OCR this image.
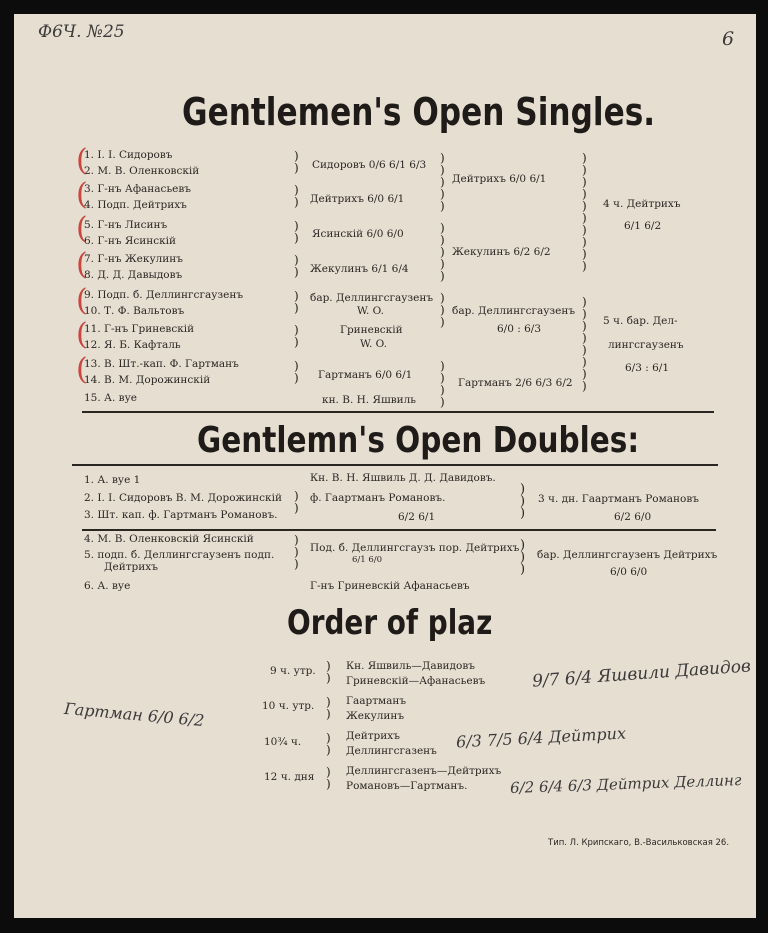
Ф6Ч. №25	6
Gentlemen's Open Singles.
1. I. I. Сидоровъ
2. М. В. Оленковскiй
3. Г-нъ Афанасьевъ
4. Подп. Дейтрихъ
5. Г-нъ Лисинъ
6. Г-нъ Ясинскiй
7. Г-нъ Жекулинъ
8. Д. Д. Давыдовъ
9. Подп. б. Деллингсгаузенъ
10. Т. Ф. Вальтовъ
11. Г-нъ Гриневскiй
12. Я. Б. Кафталь
13. В. Шт.-кап. Ф. Гартманъ
14. В. М. Дорожинскiй
15. А. вуе
(
(
(
(
(
(
(
)
)
)
)
)
)
)
)
)
)
)
)
)
)
Сидоровъ 0/6 6/1 6/3
Дейтрихъ 6/0 6/1
Ясинскiй 6/0 6/0
Жекулинъ 6/1 6/4
бар. Деллингсгаузенъ
W. O.
Гриневскiй
W. O.
Гартманъ 6/0 6/1
кн. В. Н. Яшвиль
)
)
)
)
)
)
)
)
)
)
)
)
)
)
)
)
)
Дейтрихъ 6/0 6/1
Жекулинъ 6/2 6/2
бар. Деллингсгаузенъ
6/0 : 6/3
Гартманъ 2/6 6/3 6/2
)
)
)
)
)
)
)
)
)
)
)
)
)
)
)
)
)
)
4 ч. Дейтрихъ
6/1 6/2
5 ч. бар. Дел-
лингсгаузенъ
6/3 : 6/1
Gentlemn's Open Doubles:
1. А. вуе 1
2. I. I. Сидоровъ В. М. Дорожинскiй
3. Шт. кап. ф. Гартманъ Романовъ.
)
)
Кн. В. Н. Яшвиль Д. Д. Давидовъ.
ф. Гаартманъ Романовъ.
6/2 6/1
)
)
)
3 ч. дн. Гаартманъ Романовъ
6/2 6/0
4. М. В. Оленковскiй Ясинскiй
5. подп. б. Деллингсгаузенъ подп.
Дейтрихъ
6. А. вуе
)
)
)
Под. б. Деллингсгаузъ пор. Дейтрихъ
6/1 6/0
Г-нъ Гриневскiй Афанасьевъ
)
)
)
бар. Деллингсгаузенъ Дейтрихъ
6/0 6/0
Order of plaz
9 ч. утр. )
)
Кн. Яшвиль—Давидовъ
Гриневскiй—Афанасьевъ
10 ч. утр. )
)
Гаартманъ
Жекулинъ
10¾ ч. )
)
Дейтрихъ
Деллингсгазенъ
12 ч. дня )
)
Деллингсгазенъ—Дейтрихъ
Романовъ—Гартманъ.
9/7 6/4 Яшвили Давидов
Гартман 6/0 6/2
6/3 7/5 6/4 Дейтрих
6/2 6/4 6/3 Дейтрих Деллинг
Тип. Л. Крипскаго, В.-Васильковская 26.
